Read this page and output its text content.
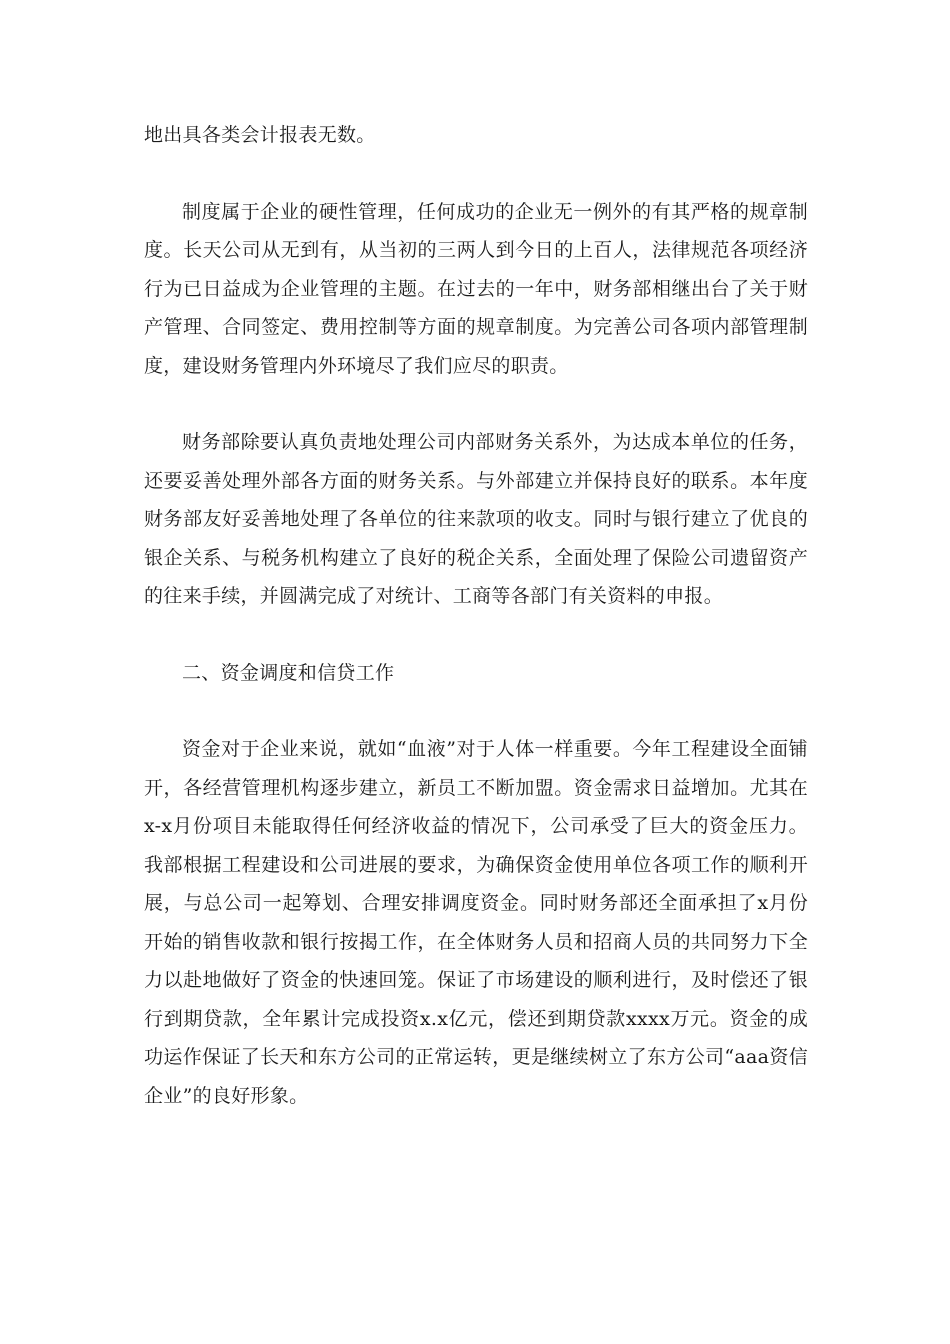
地出具各类会计报表无数。

制度属于企业的硬性管理，任何成功的企业无一例外的有其严格的规章制度。长天公司从无到有，从当初的三两人到今日的上百人，法律规范各项经济行为已日益成为企业管理的主题。在过去的一年中，财务部相继出台了关于财产管理、合同签定、费用控制等方面的规章制度。为完善公司各项内部管理制度，建设财务管理内外环境尽了我们应尽的职责。

财务部除要认真负责地处理公司内部财务关系外，为达成本单位的任务，还要妥善处理外部各方面的财务关系。与外部建立并保持良好的联系。本年度财务部友好妥善地处理了各单位的往来款项的收支。同时与银行建立了优良的银企关系、与税务机构建立了良好的税企关系，全面处理了保险公司遗留资产的往来手续，并圆满完成了对统计、工商等各部门有关资料的申报。

二、资金调度和信贷工作

资金对于企业来说，就如“血液”对于人体一样重要。今年工程建设全面铺开，各经营管理机构逐步建立，新员工不断加盟。资金需求日益增加。尤其在x-x月份项目未能取得任何经济收益的情况下，公司承受了巨大的资金压力。我部根据工程建设和公司进展的要求，为确保资金使用单位各项工作的顺利开展，与总公司一起筹划、合理安排调度资金。同时财务部还全面承担了x月份开始的销售收款和银行按揭工作，在全体财务人员和招商人员的共同努力下全力以赴地做好了资金的快速回笼。保证了市场建设的顺利进行，及时偿还了银行到期贷款，全年累计完成投资x.x亿元，偿还到期贷款xxxx万元。资金的成功运作保证了长天和东方公司的正常运转，更是继续树立了东方公司“aaa资信企业”的良好形象。
